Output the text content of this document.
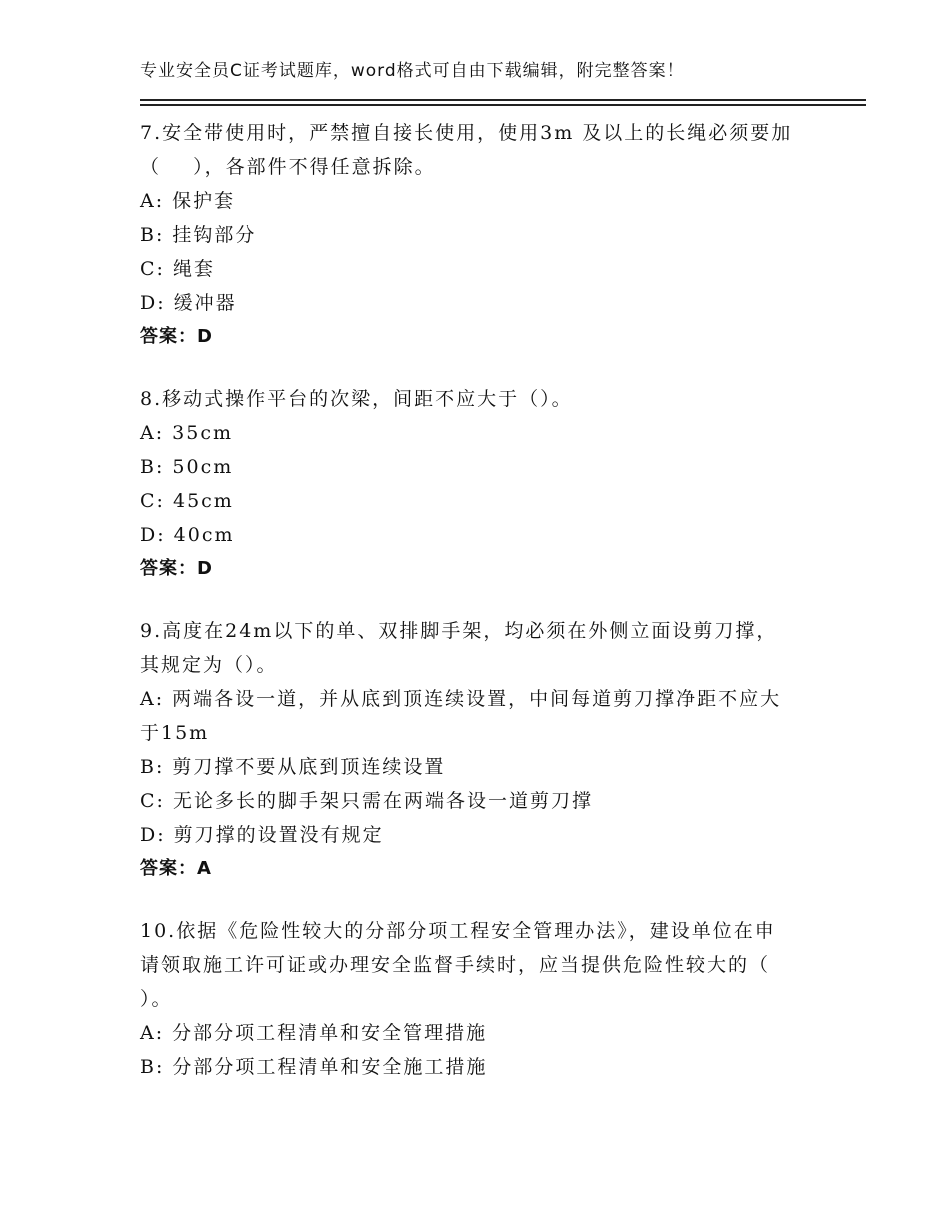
专业安全员C证考试题库，word格式可自由下载编辑，附完整答案！

7.安全带使用时，严禁擅自接长使用，使用3m 及以上的长绳必须要加

（    ），各部件不得任意拆除。

A: 保护套

B: 挂钩部分

C: 绳套

D: 缓冲器

答案：D

8.移动式操作平台的次梁，间距不应大于（）。

A: 35cm

B: 50cm

C: 45cm

D: 40cm

答案：D

9.高度在24m以下的单、双排脚手架，均必须在外侧立面设剪刀撑，

其规定为（）。

A: 两端各设一道，并从底到顶连续设置，中间每道剪刀撑净距不应大

于15m

B: 剪刀撑不要从底到顶连续设置

C: 无论多长的脚手架只需在两端各设一道剪刀撑

D: 剪刀撑的设置没有规定

答案：A

10.依据《危险性较大的分部分项工程安全管理办法》，建设单位在申

请领取施工许可证或办理安全监督手续时，应当提供危险性较大的（

）。

A: 分部分项工程清单和安全管理措施

B: 分部分项工程清单和安全施工措施
